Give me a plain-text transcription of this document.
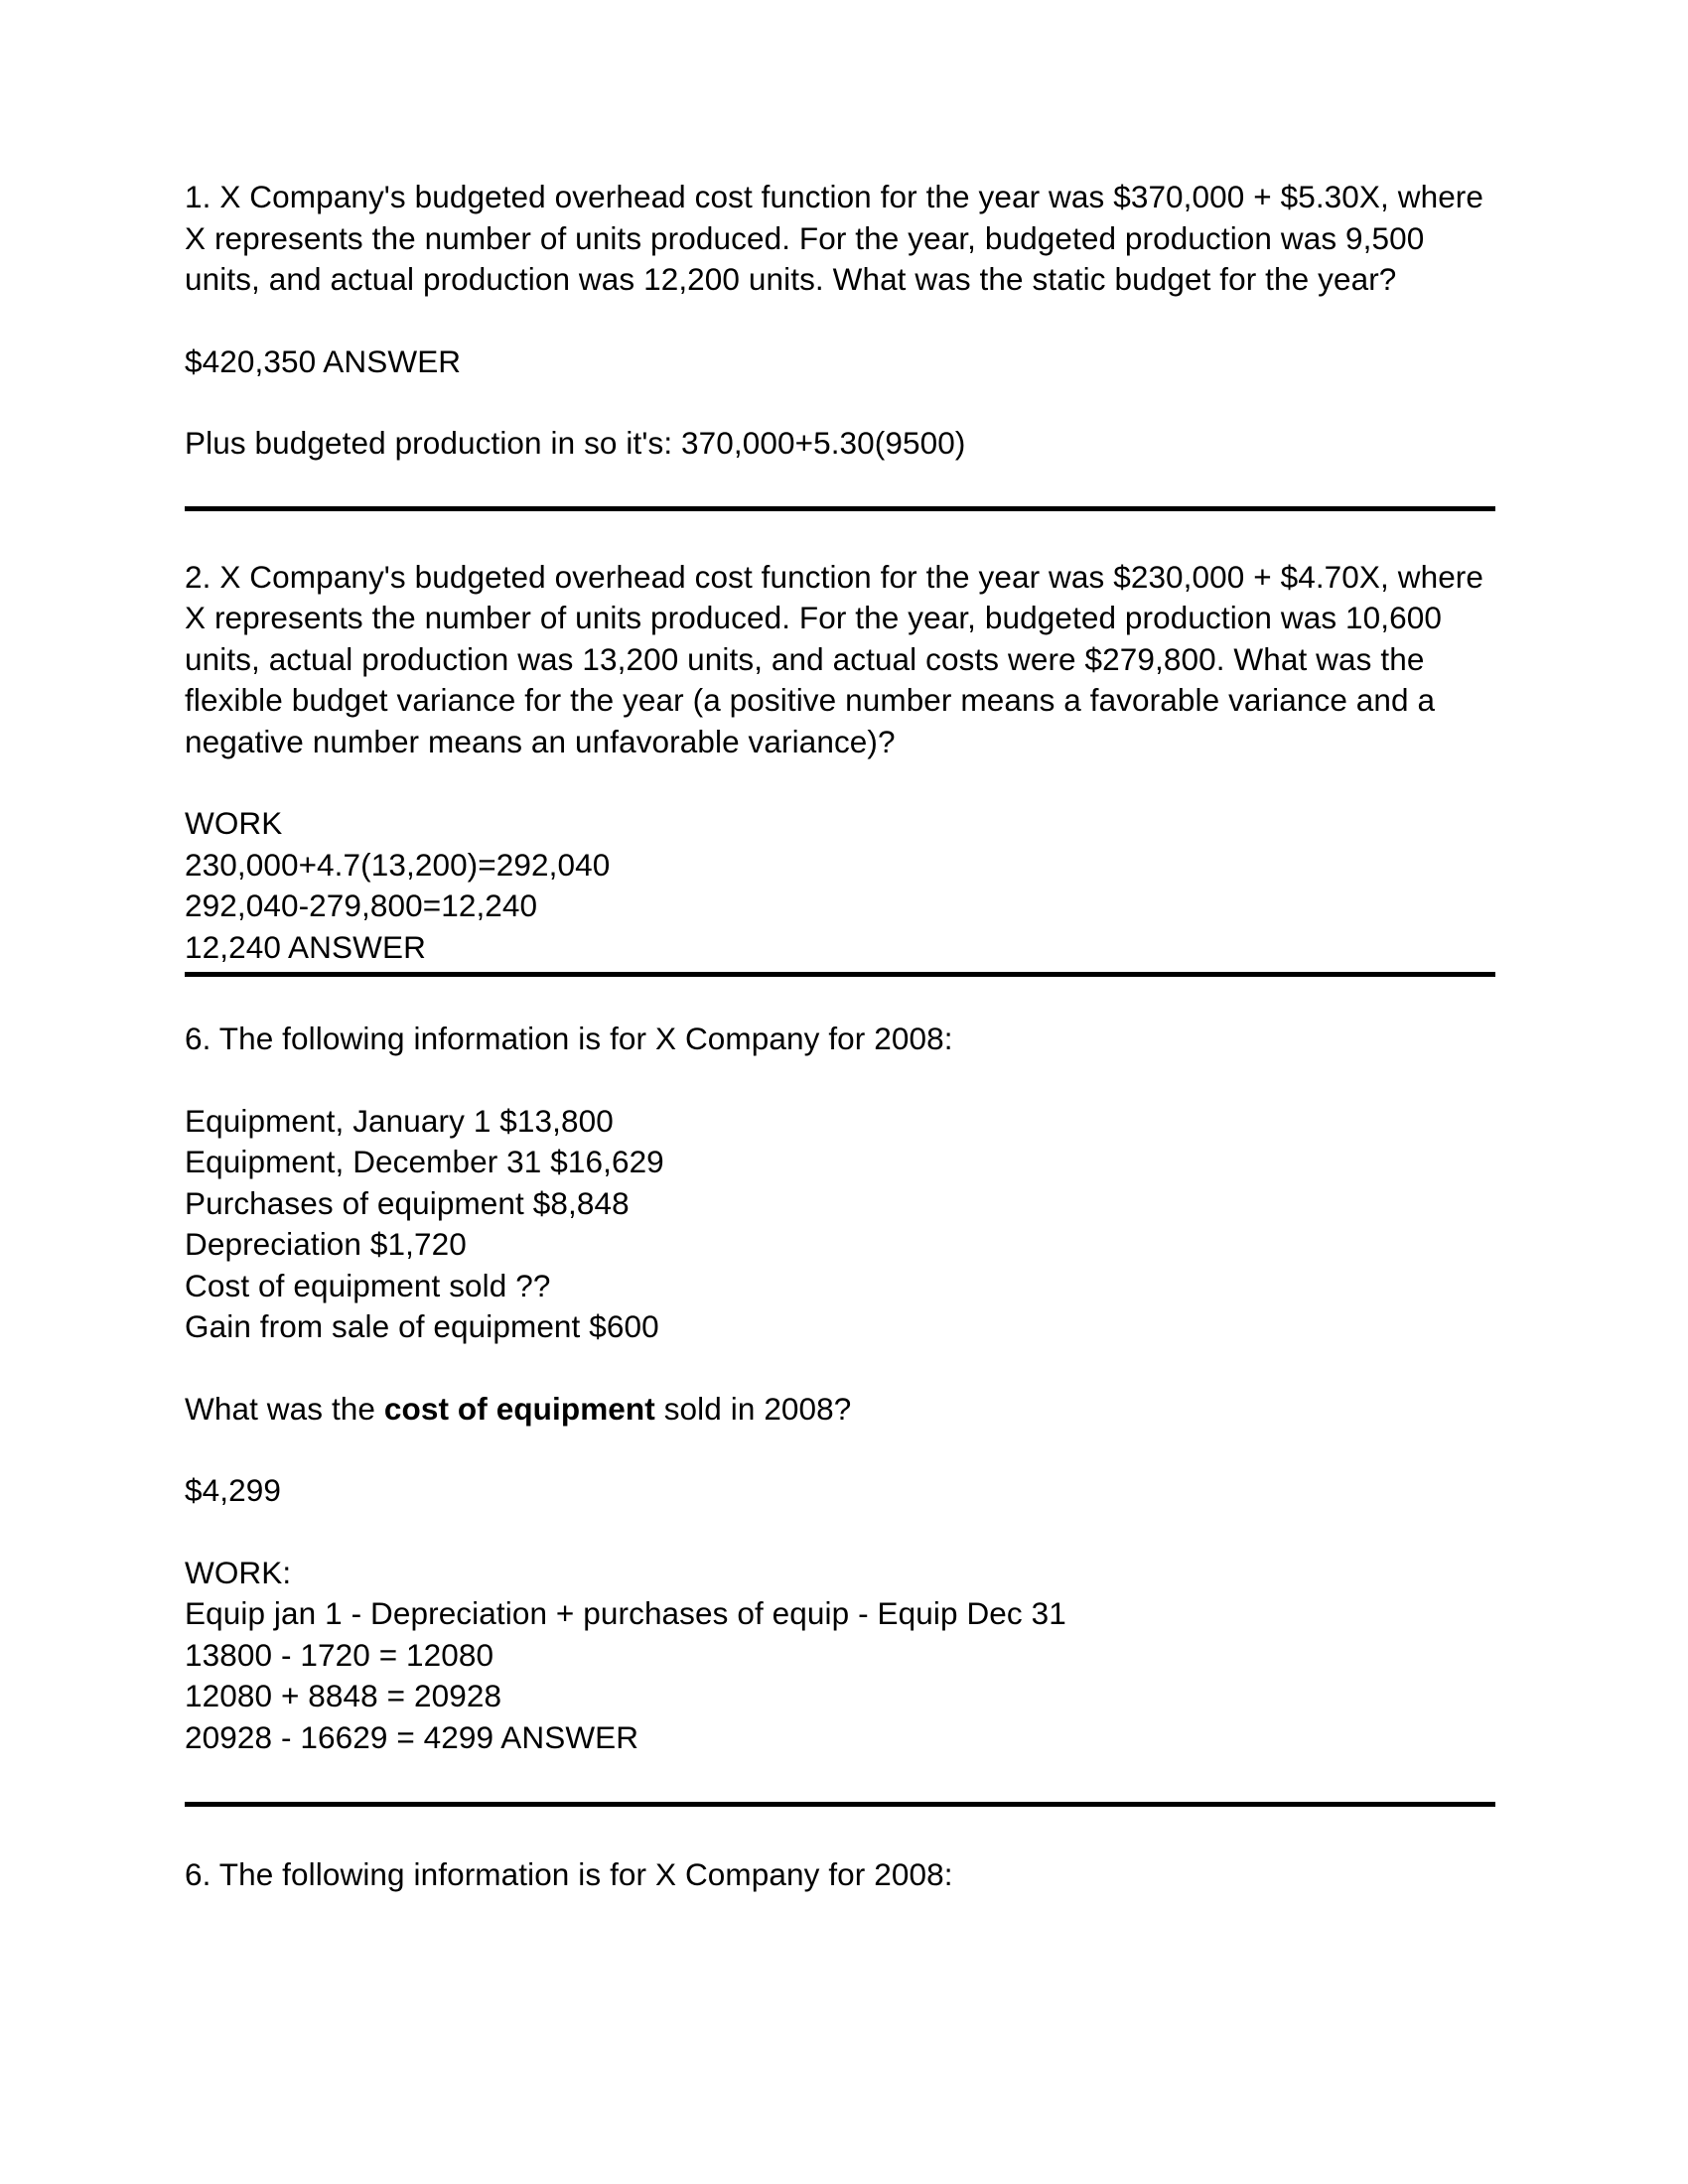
1. X Company's budgeted overhead cost function for the year was $370,000 + $5.30X, where X represents the number of units produced. For the year, budgeted production was 9,500 units, and actual production was 12,200 units. What was the static budget for the year?
$420,350 ANSWER
Plus budgeted production in so it's: 370,000+5.30(9500)
2. X Company's budgeted overhead cost function for the year was $230,000 + $4.70X, where X represents the number of units produced. For the year, budgeted production was 10,600 units, actual production was 13,200 units, and actual costs were $279,800. What was the flexible budget variance for the year (a positive number means a favorable variance and a negative number means an unfavorable variance)?
WORK
230,000+4.7(13,200)=292,040
292,040-279,800=12,240
12,240 ANSWER
6. The following information is for X Company for 2008:
Equipment, January 1 $13,800
Equipment, December 31 $16,629
Purchases of equipment $8,848
Depreciation $1,720
Cost of equipment sold ??
Gain from sale of equipment $600
What was the cost of equipment sold in 2008?
$4,299
WORK:
Equip jan 1 - Depreciation + purchases of equip - Equip Dec 31
13800 - 1720 = 12080
12080 + 8848 = 20928
20928 - 16629 = 4299 ANSWER
6. The following information is for X Company for 2008:
